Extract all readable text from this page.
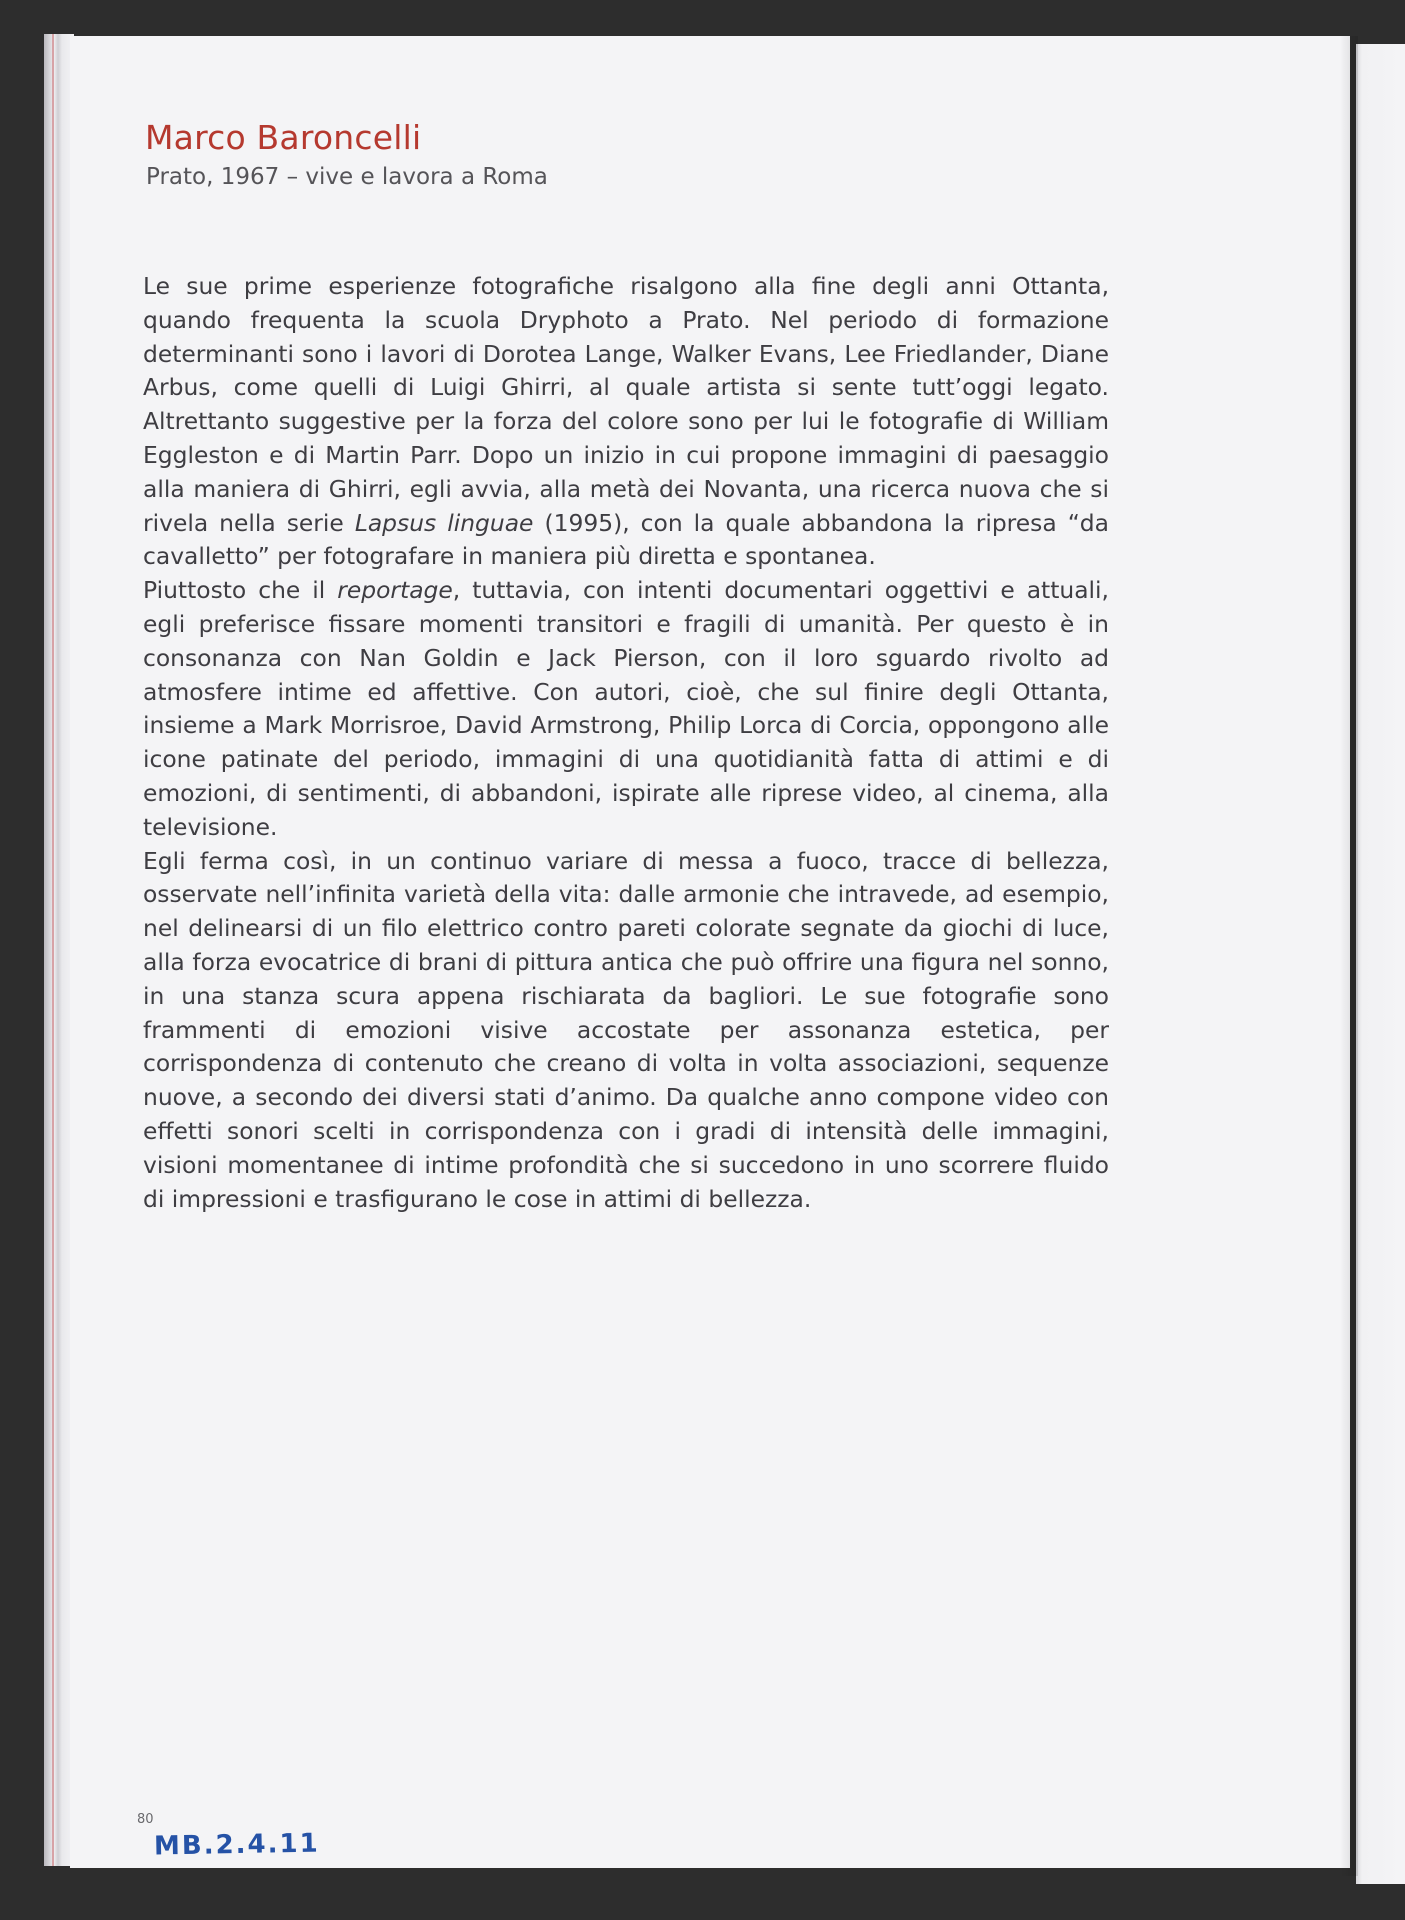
Marco Baroncelli
Prato, 1967 – vive e lavora a Roma

Le sue prime esperienze fotografiche risalgono alla fine degli anni Ottanta, quando frequenta la scuola Dryphoto a Prato. Nel periodo di formazione determinanti sono i lavori di Dorotea Lange, Walker Evans, Lee Friedlander, Diane Arbus, come quelli di Luigi Ghirri, al quale artista si sente tutt’oggi legato. Altrettanto suggestive per la forza del colore sono per lui le fotografie di William Eggleston e di Martin Parr. Dopo un inizio in cui propone immagini di paesaggio alla maniera di Ghirri, egli avvia, alla metà dei Novanta, una ricerca nuova che si rivela nella serie Lapsus linguae (1995), con la quale abbandona la ripresa “da cavalletto” per fotografare in maniera più diretta e spontanea.

Piuttosto che il reportage, tuttavia, con intenti documentari oggettivi e attuali, egli preferisce fissare momenti transitori e fragili di umanità. Per questo è in consonanza con Nan Goldin e Jack Pierson, con il loro sguardo rivolto ad atmosfere intime ed affettive. Con autori, cioè, che sul finire degli Ottanta, insieme a Mark Morrisroe, David Armstrong, Philip Lorca di Corcia, oppongono alle icone patinate del periodo, immagini di una quotidianità fatta di attimi e di emozioni, di sentimenti, di abbandoni, ispirate alle riprese video, al cinema, alla televisione.

Egli ferma così, in un continuo variare di messa a fuoco, tracce di bellezza, osservate nell’infinita varietà della vita: dalle armonie che intravede, ad esempio, nel delinearsi di un filo elettrico contro pareti colorate segnate da giochi di luce, alla forza evocatrice di brani di pittura antica che può offrire una figura nel sonno, in una stanza scura appena rischiarata da bagliori. Le sue fotografie sono frammenti di emozioni visive accostate per assonanza estetica, per corrispondenza di contenuto che creano di volta in volta associazioni, sequenze nuove, a secondo dei diversi stati d’animo. Da qualche anno compone video con effetti sonori scelti in corrispondenza con i gradi di intensità delle immagini, visioni momentanee di intime profondità che si succedono in uno scorrere fluido di impressioni e trasfigurano le cose in attimi di bellezza.

80
MB.2.4.11
